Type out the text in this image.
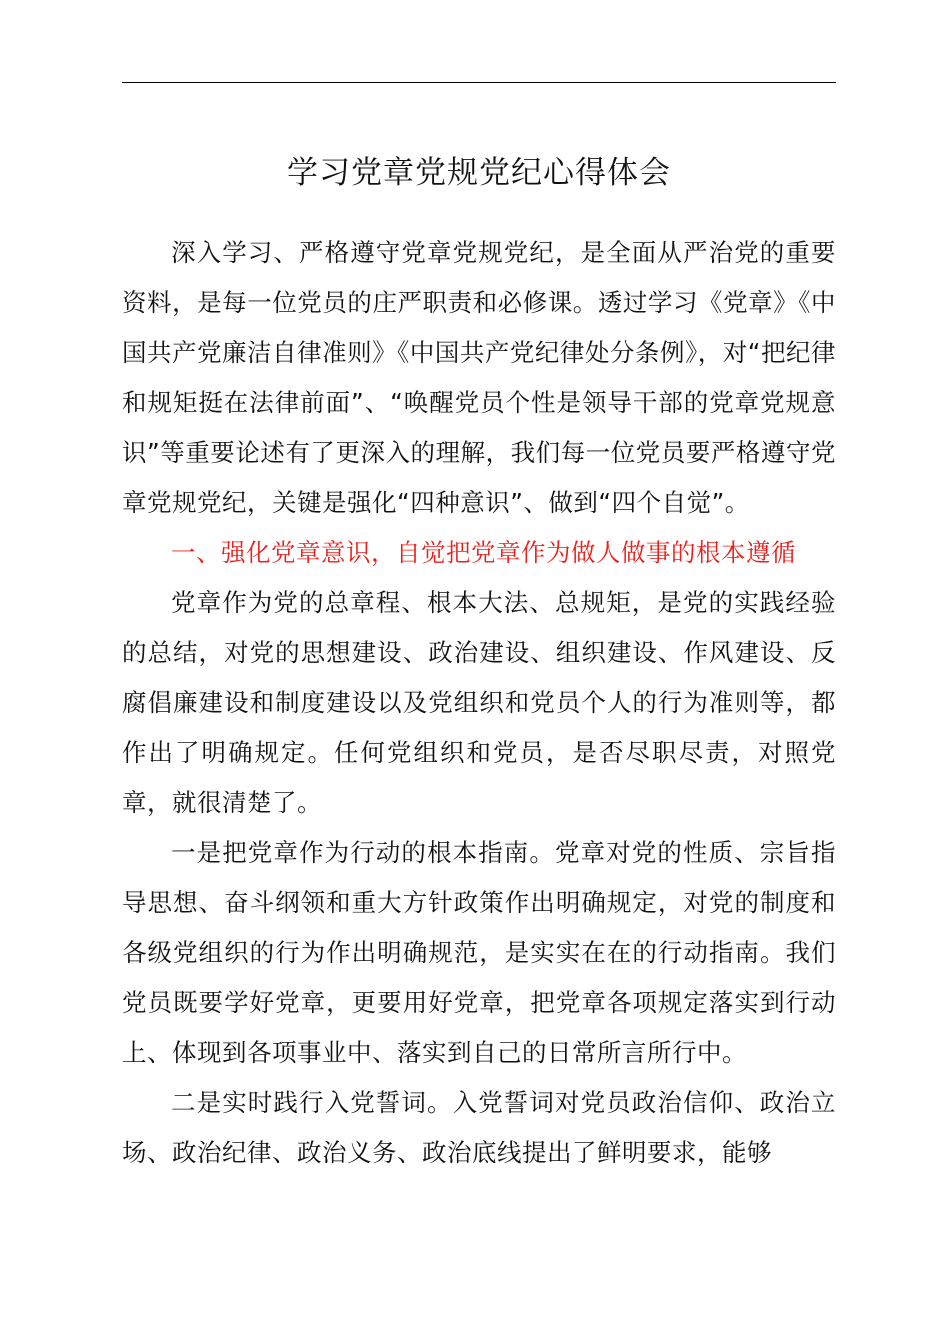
学习党章党规党纪心得体会

深入学习、严格遵守党章党规党纪，是全面从严治党的重要资料，是每一位党员的庄严职责和必修课。透过学习《党章》《中国共产党廉洁自律准则》《中国共产党纪律处分条例》，对“把纪律和规矩挺在法律前面”、“唤醒党员个性是领导干部的党章党规意识”等重要论述有了更深入的理解，我们每一位党员要严格遵守党章党规党纪，关键是强化“四种意识”、做到“四个自觉”。

一、强化党章意识，自觉把党章作为做人做事的根本遵循

党章作为党的总章程、根本大法、总规矩，是党的实践经验的总结，对党的思想建设、政治建设、组织建设、作风建设、反腐倡廉建设和制度建设以及党组织和党员个人的行为准则等，都作出了明确规定。任何党组织和党员，是否尽职尽责，对照党章，就很清楚了。

一是把党章作为行动的根本指南。党章对党的性质、宗旨指导思想、奋斗纲领和重大方针政策作出明确规定，对党的制度和各级党组织的行为作出明确规范，是实实在在的行动指南。我们党员既要学好党章，更要用好党章，把党章各项规定落实到行动上、体现到各项事业中、落实到自己的日常所言所行中。

二是实时践行入党誓词。入党誓词对党员政治信仰、政治立场、政治纪律、政治义务、政治底线提出了鲜明要求，能够
